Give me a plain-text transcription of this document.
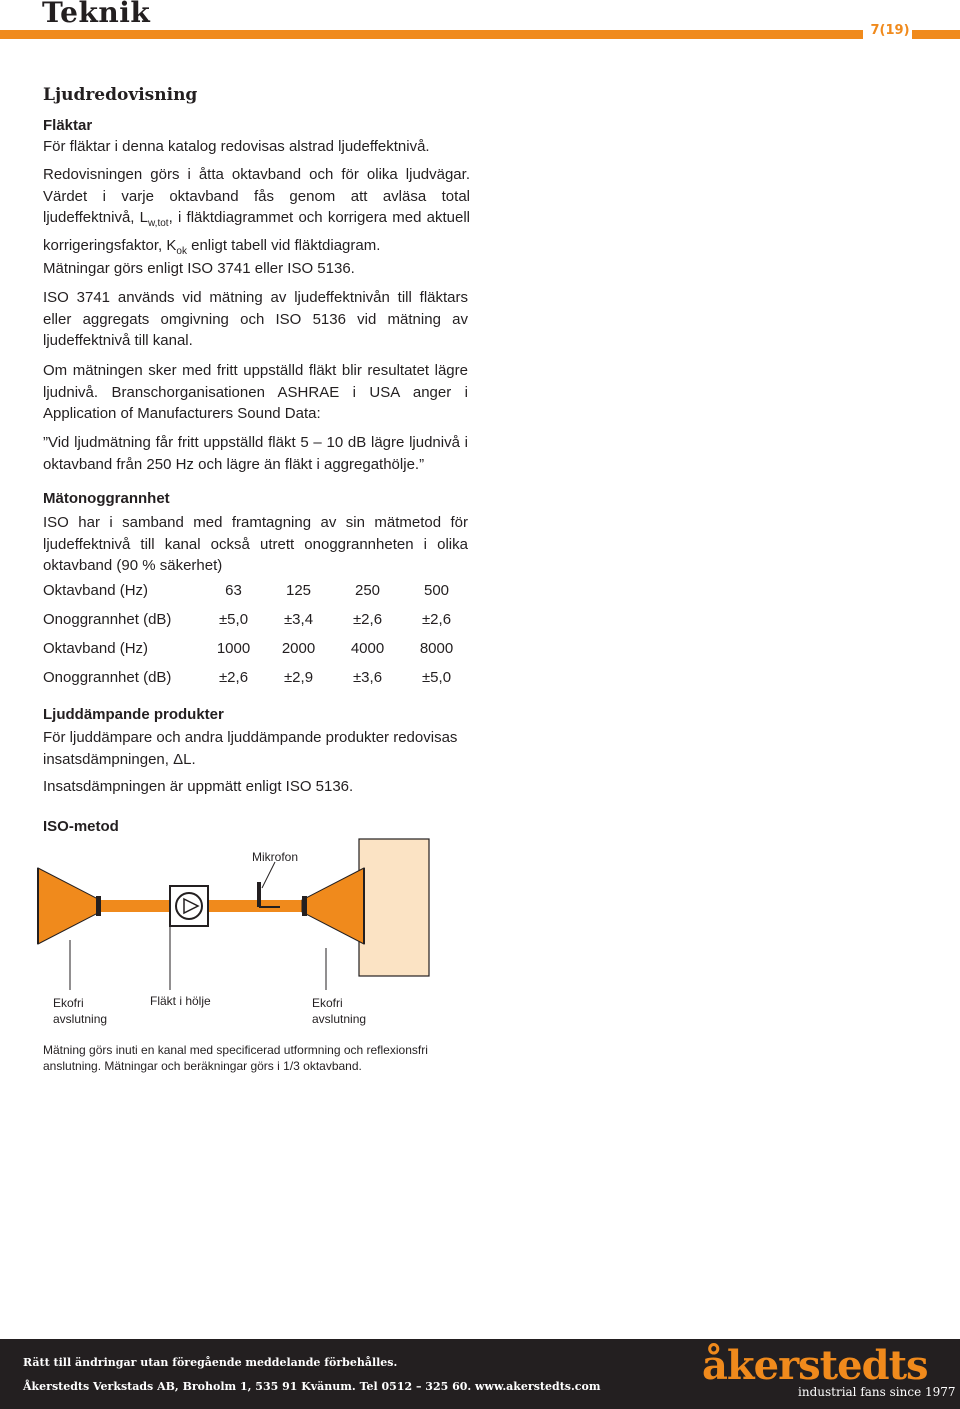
Teknik
7(19)
Ljudredovisning
Fläktar
För fläktar i denna katalog redovisas alstrad ljudeffektnivå.
Redovisningen görs i åtta oktavband och för olika ljudvägar. Värdet i varje oktavband fås genom att avläsa total ljudeffektnivå, $L_{w,tot}$, i fläktdiagrammet och korrigera med aktuell korrigeringsfaktor, $K_{ok}$ enligt tabell vid fläktdiagram.
Mätningar görs enligt ISO 3741 eller ISO 5136.
ISO 3741 används vid mätning av ljudeffektnivån till fläktars eller aggregats omgivning och ISO 5136 vid mätning av ljudeffektnivå till kanal.
Om mätningen sker med fritt uppställd fläkt blir resultatet lägre ljudnivå. Branschorganisationen ASHRAE i USA anger i Application of Manufacturers Sound Data:
”Vid ljudmätning får fritt uppställd fläkt 5 – 10 dB lägre ljudnivå i oktavband från 250 Hz och lägre än fläkt i aggregathölje.”
Mätonoggrannhet
ISO har i samband med framtagning av sin mätmetod för ljudeffektnivå till kanal också utrett onoggrannheten i olika oktavband (90 % säkerhet)
Oktavband (Hz)	63	125	250	500
Onoggrannhet (dB)	±5,0	±3,4	±2,6	±2,6
Oktavband (Hz)	1000	2000	4000	8000
Onoggrannhet (dB)	±2,6	±2,9	±3,6	±5,0
Ljuddämpande produkter
För ljuddämpare och andra ljuddämpande produkter redovisas insatsdämpningen, ΔL.
Insatsdämpningen är uppmätt enligt ISO 5136.
ISO-metod
Mikrofon
Ekofri avslutning
Fläkt i hölje	Ekofri avslutning
Mätning görs inuti en kanal med specificerad utformning och reflexionsfri anslutning. Mätningar och beräkningar görs i 1/3 oktavband.
Rätt till ändringar utan föregående meddelande förbehålles.
Åkerstedts Verkstads AB, Broholm 1, 535 91 Kvänum. Tel 0512 – 325 60. www.akerstedts.com	åkerstedts
industrial fans since 1977
